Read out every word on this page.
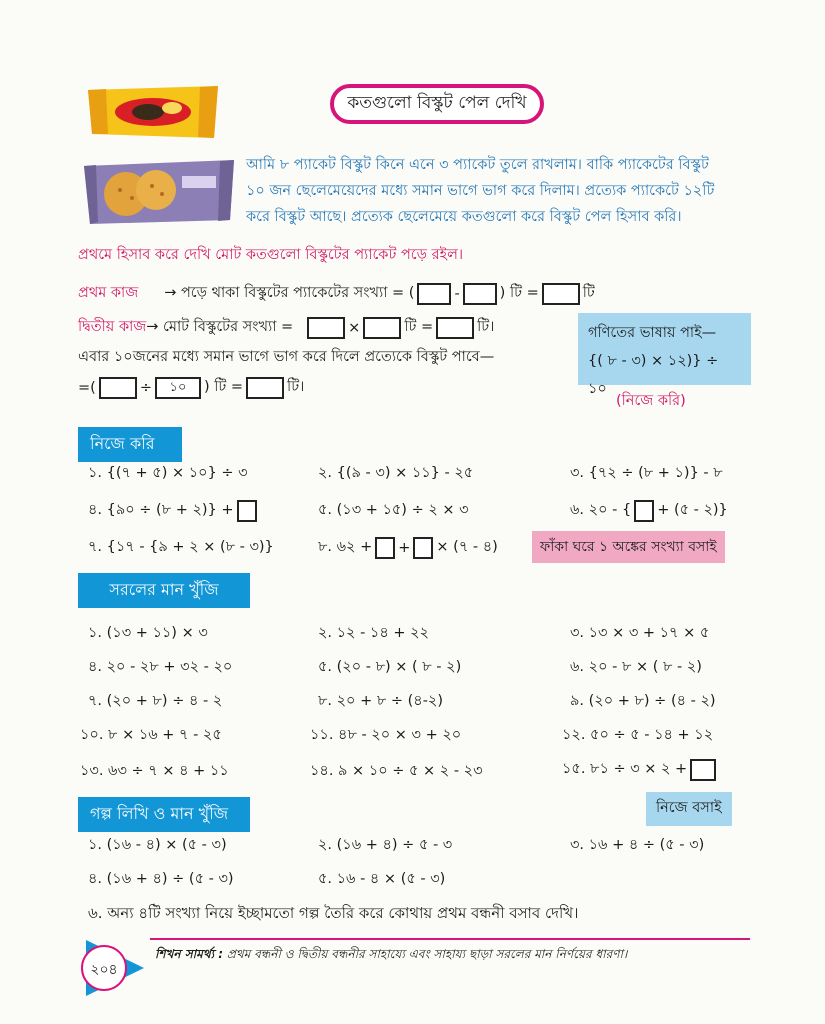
কতগুলো বিস্কুট পেল দেখি
আমি ৮ প্যাকেট বিস্কুট কিনে এনে ৩ প্যাকেট তুলে রাখলাম। বাকি প্যাকেটের বিস্কুট
১০ জন ছেলেমেয়েদের মধ্যে সমান ভাগে ভাগ করে দিলাম। প্রত্যেক প্যাকেটে ১২টি
করে বিস্কুট আছে। প্রত্যেক ছেলেমেয়ে কতগুলো করে বিস্কুট পেল হিসাব করি।
প্রথমে হিসাব করে দেখি মোট কতগুলো বিস্কুটের প্যাকেট পড়ে রইল।
প্রথম কাজ → পড়ে থাকা বিস্কুটের প্যাকেটের সংখ্যা = (	-	) টি =	টি
দ্বিতীয় কাজ → মোট বিস্কুটের সংখ্যা =	×	টি =	টি।
এবার ১০জনের মধ্যে সমান ভাগে ভাগ করে দিলে প্রত্যেকে বিস্কুট পাবে—
=(	÷	১০	) টি =	টি।
গণিতের ভাষায় পাই—
{( ৮ - ৩) × ১২)} ÷ ১০
(নিজে করি)
নিজে করি
১. {(৭ + ৫) × ১০} ÷ ৩	২. {(৯ - ৩) × ১১} - ২৫	৩. {৭২ ÷ (৮ + ১)} - ৮
৪. {৯০ ÷ (৮ + ২)} +	৫. (১৩ + ১৫) ÷ ২ × ৩	৬. ২০ - { + (৫ - ২)}
৭. {১৭ - {৯ + ২ × (৮ - ৩)}	৮. ৬২ + + × (৭ - ৪)	ফাঁকা ঘরে ১ অঙ্কের সংখ্যা বসাই
সরলের মান খুঁজি
১. (১৩ + ১১) × ৩	২. ১২ - ১৪ + ২২	৩. ১৩ × ৩ + ১৭ × ৫
৪. ২০ - ২৮ + ৩২ - ২০	৫. (২০ - ৮) × ( ৮ - ২)	৬. ২০ - ৮ × ( ৮ - ২)
৭. (২০ + ৮) ÷ ৪ - ২	৮. ২০ + ৮ ÷ (৪-২)	৯. (২০ + ৮) ÷ (৪ - ২)
১০. ৮ × ১৬ + ৭ - ২৫	১১. ৪৮ - ২০ × ৩ + ২০	১২. ৫০ ÷ ৫ - ১৪ + ১২
১৩. ৬৩ ÷ ৭ × ৪ + ১১	১৪. ৯ × ১০ ÷ ৫ × ২ - ২৩	১৫. ৮১ ÷ ৩ × ২ +
গল্প লিখি ও মান খুঁজি	নিজে বসাই
১. (১৬ - ৪) × (৫ - ৩)	২. (১৬ + ৪) ÷ ৫ - ৩	৩. ১৬ + ৪ ÷ (৫ - ৩)
৪. (১৬ + ৪) ÷ (৫ - ৩)	৫. ১৬ - ৪ × (৫ - ৩)
৬. অন্য ৪টি সংখ্যা নিয়ে ইচ্ছামতো গল্প তৈরি করে কোথায় প্রথম বন্ধনী বসাব দেখি।
শিখন সামর্থ্য : প্রথম বন্ধনী ও দ্বিতীয় বন্ধনীর সাহায্যে এবং সাহায্য ছাড়া সরলের মান নির্ণয়ের ধারণা।
২০৪
